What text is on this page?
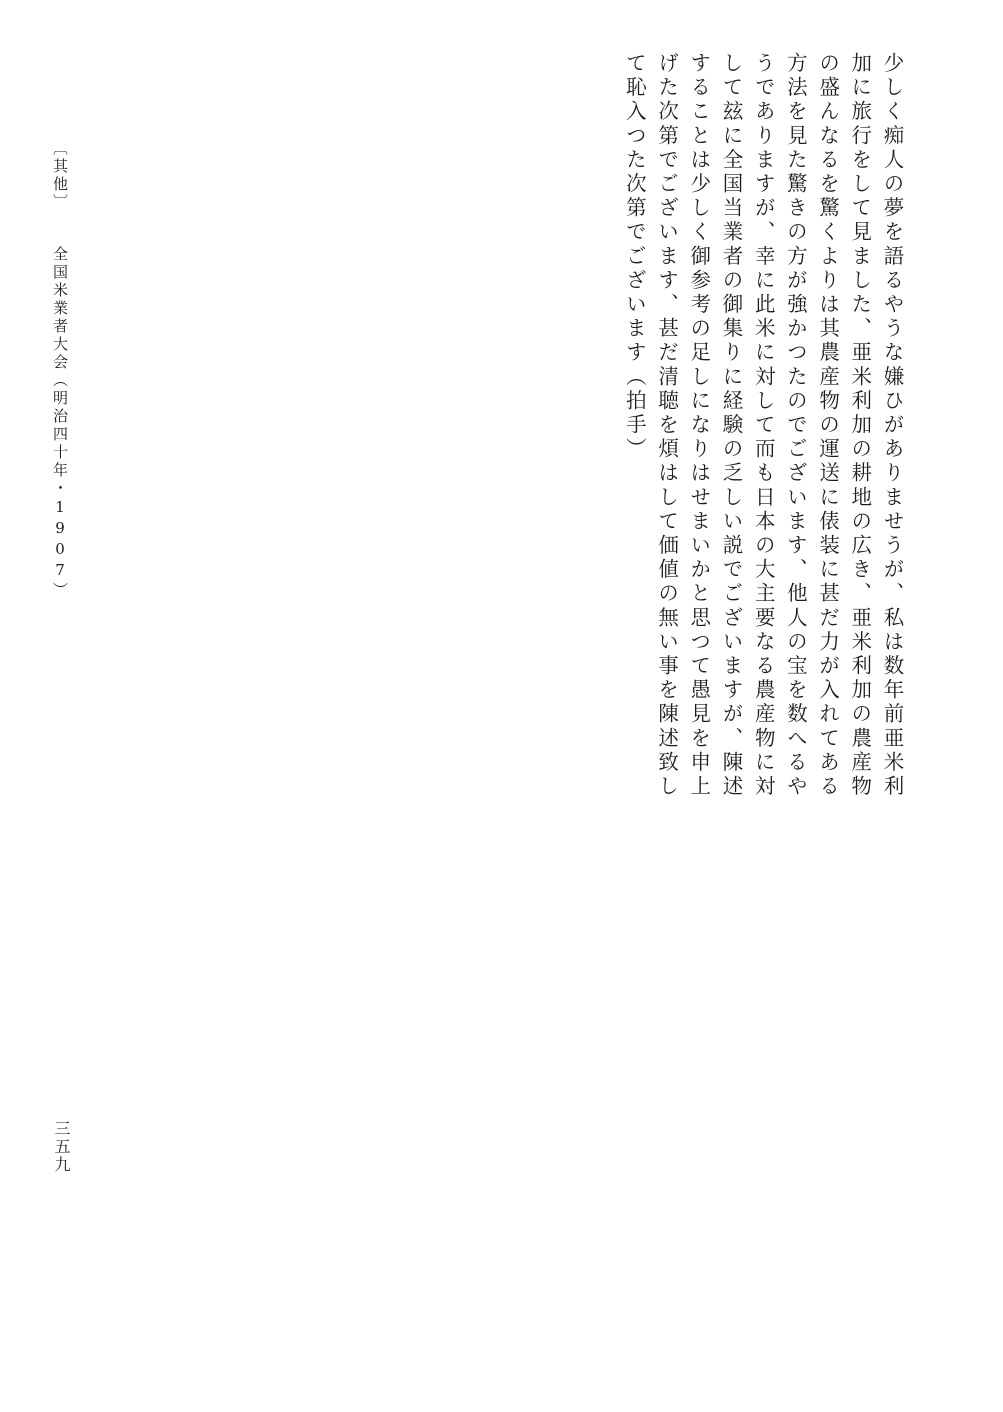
少しく痴人の夢を語るやうな嫌ひがありませうが、私は数年前亜米利
加に旅行をして見ました、亜米利加の耕地の広き、亜米利加の農産物
の盛んなるを驚くよりは其農産物の運送に俵装に甚だ力が入れてある
方法を見た驚きの方が強かつたのでございます、他人の宝を数へるや
うでありますが、幸に此米に対して而も日本の大主要なる農産物に対
して玆に全国当業者の御集りに経験の乏しい説でございますが、陳述
することは少しく御参考の足しになりはせまいかと思つて愚見を申上
げた次第でございます、甚だ清聴を煩はして価値の無い事を陳述致し
て恥入つた次第でございます（拍手）
〔其他〕全国米業者大会（明治四十年・1907）
三五九
